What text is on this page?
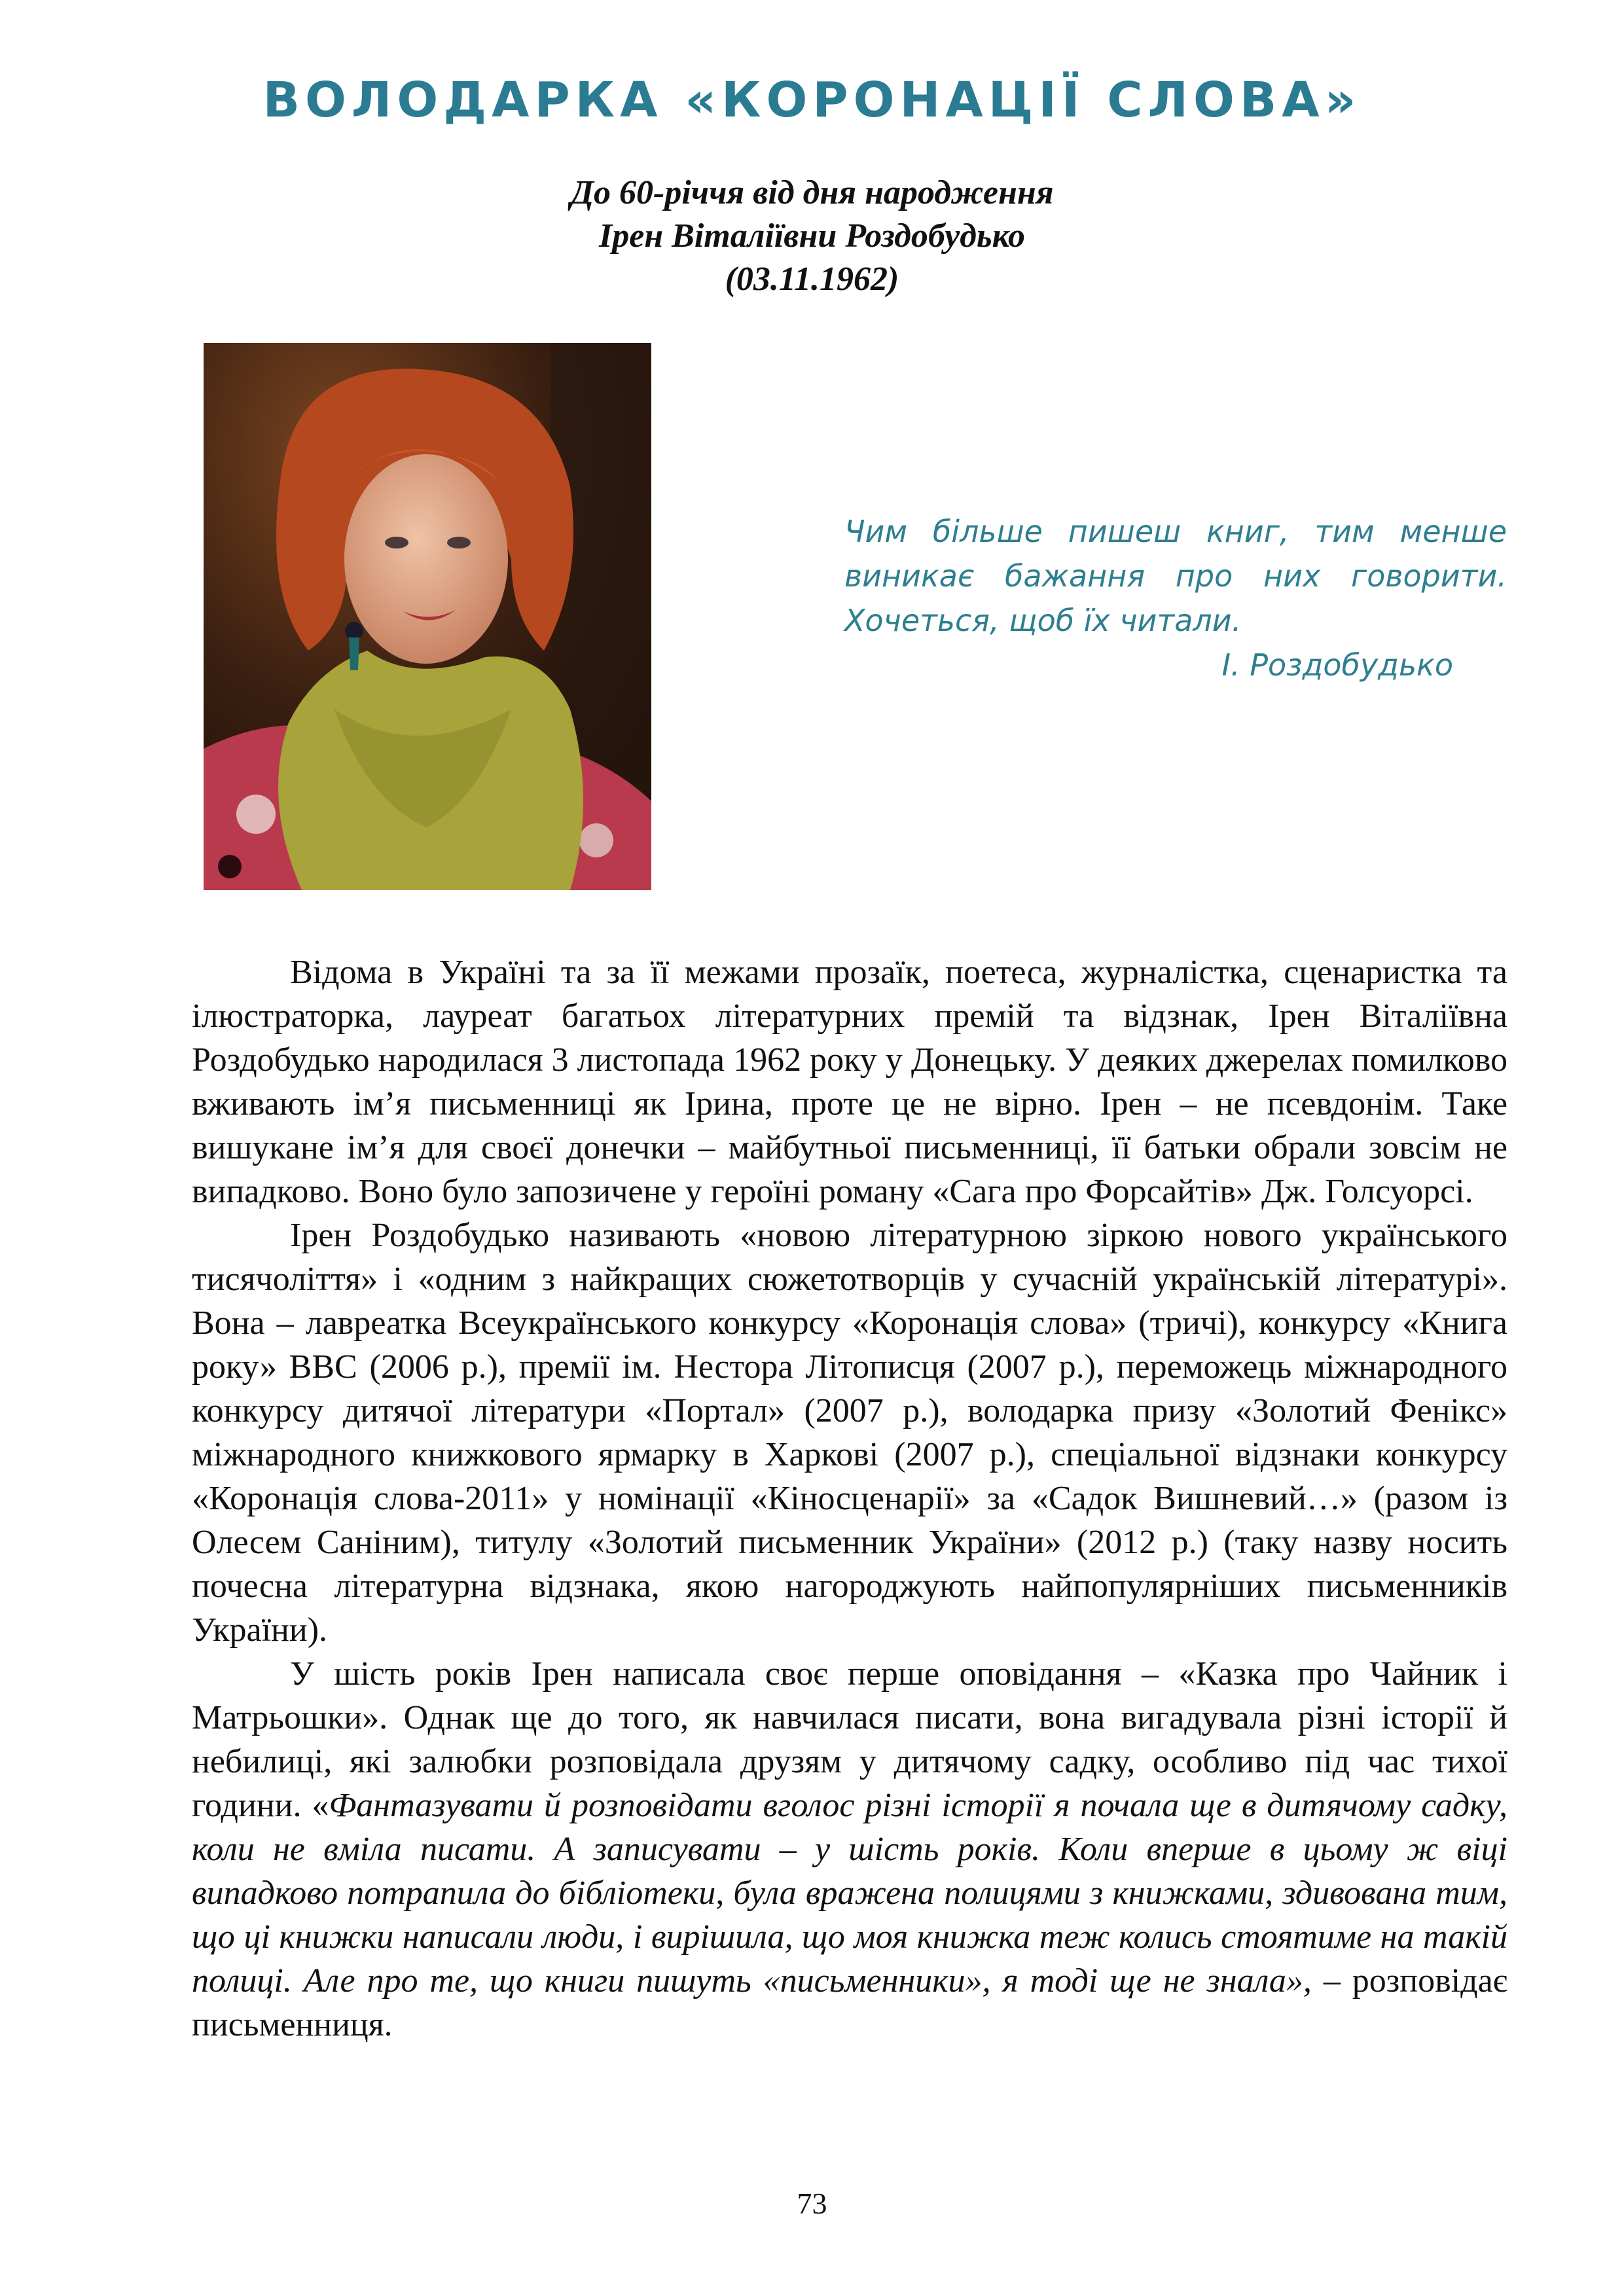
ВОЛОДАРКА «КОРОНАЦІЇ СЛОВА»
До 60-річчя від дня народження
Ірен Віталіївни Роздобудько
(03.11.1962)
Чим більше пишеш книг, тим менше
виникає бажання про них говорити.
Хочеться, щоб їх читали.
І. Роздобудько

Відома в Україні та за її межами прозаїк, поетеса, журналістка, сценаристка та ілюстраторка, лауреат багатьох літературних премій та відзнак, Ірен Віталіївна Роздобудько народилася 3 листопада 1962 року у Донецьку. У деяких джерелах помилково вживають ім’я письменниці як Ірина, проте це не вірно. Ірен – не псевдонім. Таке вишукане ім’я для своєї донечки – майбутньої письменниці, її батьки обрали зовсім не випадково. Воно було запозичене у героїні роману «Сага про Форсайтів» Дж. Голсуорсі.

Ірен Роздобудько називають «новою літературною зіркою нового українського тисячоліття» і «одним з найкращих сюжетотворців у сучасній українській літературі». Вона – лавреатка Всеукраїнського конкурсу «Коронація слова» (тричі), конкурсу «Книга року» BBC (2006 р.), премії ім. Нестора Літописця (2007 р.), переможець міжнародного конкурсу дитячої літератури «Портал» (2007 р.), володарка призу «Золотий Фенікс» міжнародного книжкового ярмарку в Харкові (2007 р.), спеціальної відзнаки конкурсу «Коронація слова-2011» у номінації «Кіносценарії» за «Садок Вишневий…» (разом із Олесем Саніним), титулу «Золотий письменник України» (2012 р.) (таку назву носить почесна літературна відзнака, якою нагороджують найпопулярніших письменників України).

У шість років Ірен написала своє перше оповідання – «Казка про Чайник і Матрьошки». Однак ще до того, як навчилася писати, вона вигадувала різні історії й небилиці, які залюбки розповідала друзям у дитячому садку, особливо під час тихої години. «Фантазувати й розповідати вголос різні історії я почала ще в дитячому садку, коли не вміла писати. А записувати – у шість років. Коли вперше в цьому ж віці випадково потрапила до бібліотеки, була вражена полицями з книжками, здивована тим, що ці книжки написали люди, і вирішила, що моя книжка теж колись стоятиме на такій полиці. Але про те, що книги пишуть «письменники», я тоді ще не знала», – розповідає письменниця.

73
